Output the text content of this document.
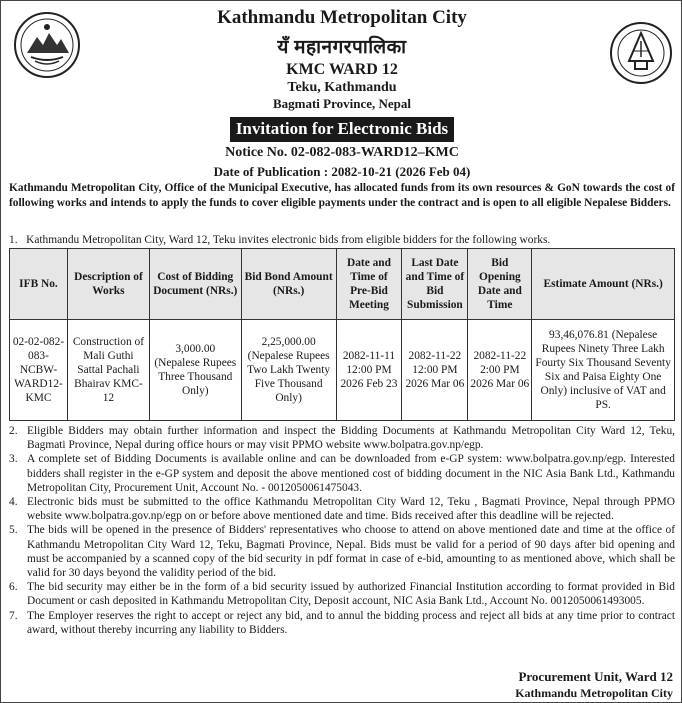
Kathmandu Metropolitan City
यँ महानगरपालिका
KMC WARD 12
Teku, Kathmandu
Bagmati Province, Nepal
Invitation for Electronic Bids
Notice No. 02-082-083-WARD12–KMC
Date of Publication : 2082-10-21 (2026 Feb 04)
Kathmandu Metropolitan City, Office of the Municipal Executive, has allocated funds from its own resources & GoN towards the cost of following works and intends to apply the funds to cover eligible payments under the contract and is open to all eligible Nepalese Bidders.
1. Kathmandu Metropolitan City, Ward 12, Teku invites electronic bids from eligible bidders for the following works.
IFB No.	Description of Works	Cost of Bidding Document (NRs.)	Bid Bond Amount (NRs.)	Date and Time of Pre-Bid Meeting	Last Date and Time of Bid Submission	Bid Opening Date and Time	Estimate Amount (NRs.)
02-02-082-083-NCBW-WARD12-KMC	Construction of Mali Guthi Sattal Pachali Bhairav KMC-12	3,000.00 (Nepalese Rupees Three Thousand Only)	2,25,000.00 (Nepalese Rupees Two Lakh Twenty Five Thousand Only)	2082-11-11 12:00 PM 2026 Feb 23	2082-11-22 12:00 PM 2026 Mar 06	2082-11-22 2:00 PM 2026 Mar 06	93,46,076.81 (Nepalese Rupees Ninety Three Lakh Fourty Six Thousand Seventy Six and Paisa Eighty One Only) inclusive of VAT and PS.
2. Eligible Bidders may obtain further information and inspect the Bidding Documents at Kathmandu Metropolitan City Ward 12, Teku, Bagmati Province, Nepal during office hours or may visit PPMO website www.bolpatra.gov.np/egp.
3. A complete set of Bidding Documents is available online and can be downloaded from e-GP system: www.bolpatra.gov.np/egp. Interested bidders shall register in the e-GP system and deposit the above mentioned cost of bidding document in the NIC Asia Bank Ltd., Kathmandu Metropolitan City, Procurement Unit, Account No. - 0012050061475043.
4. Electronic bids must be submitted to the office Kathmandu Metropolitan City Ward 12, Teku , Bagmati Province, Nepal through PPMO website www.bolpatra.gov.np/egp on or before above mentioned date and time. Bids received after this deadline will be rejected.
5. The bids will be opened in the presence of Bidders' representatives who choose to attend on above mentioned date and time at the office of Kathmandu Metropolitan City Ward 12, Teku, Bagmati Province, Nepal. Bids must be valid for a period of 90 days after bid opening and must be accompanied by a scanned copy of the bid security in pdf format in case of e-bid, amounting to as mentioned above, which shall be valid for 30 days beyond the validity period of the bid.
6. The bid security may either be in the form of a bid security issued by authorized Financial Institution according to format provided in Bid Document or cash deposited in Kathmandu Metropolitan City, Deposit account, NIC Asia Bank Ltd., Account No. 0012050061493005.
7. The Employer reserves the right to accept or reject any bid, and to annul the bidding process and reject all bids at any time prior to contract award, without thereby incurring any liability to Bidders.
Procurement Unit, Ward 12
Kathmandu Metropolitan City
